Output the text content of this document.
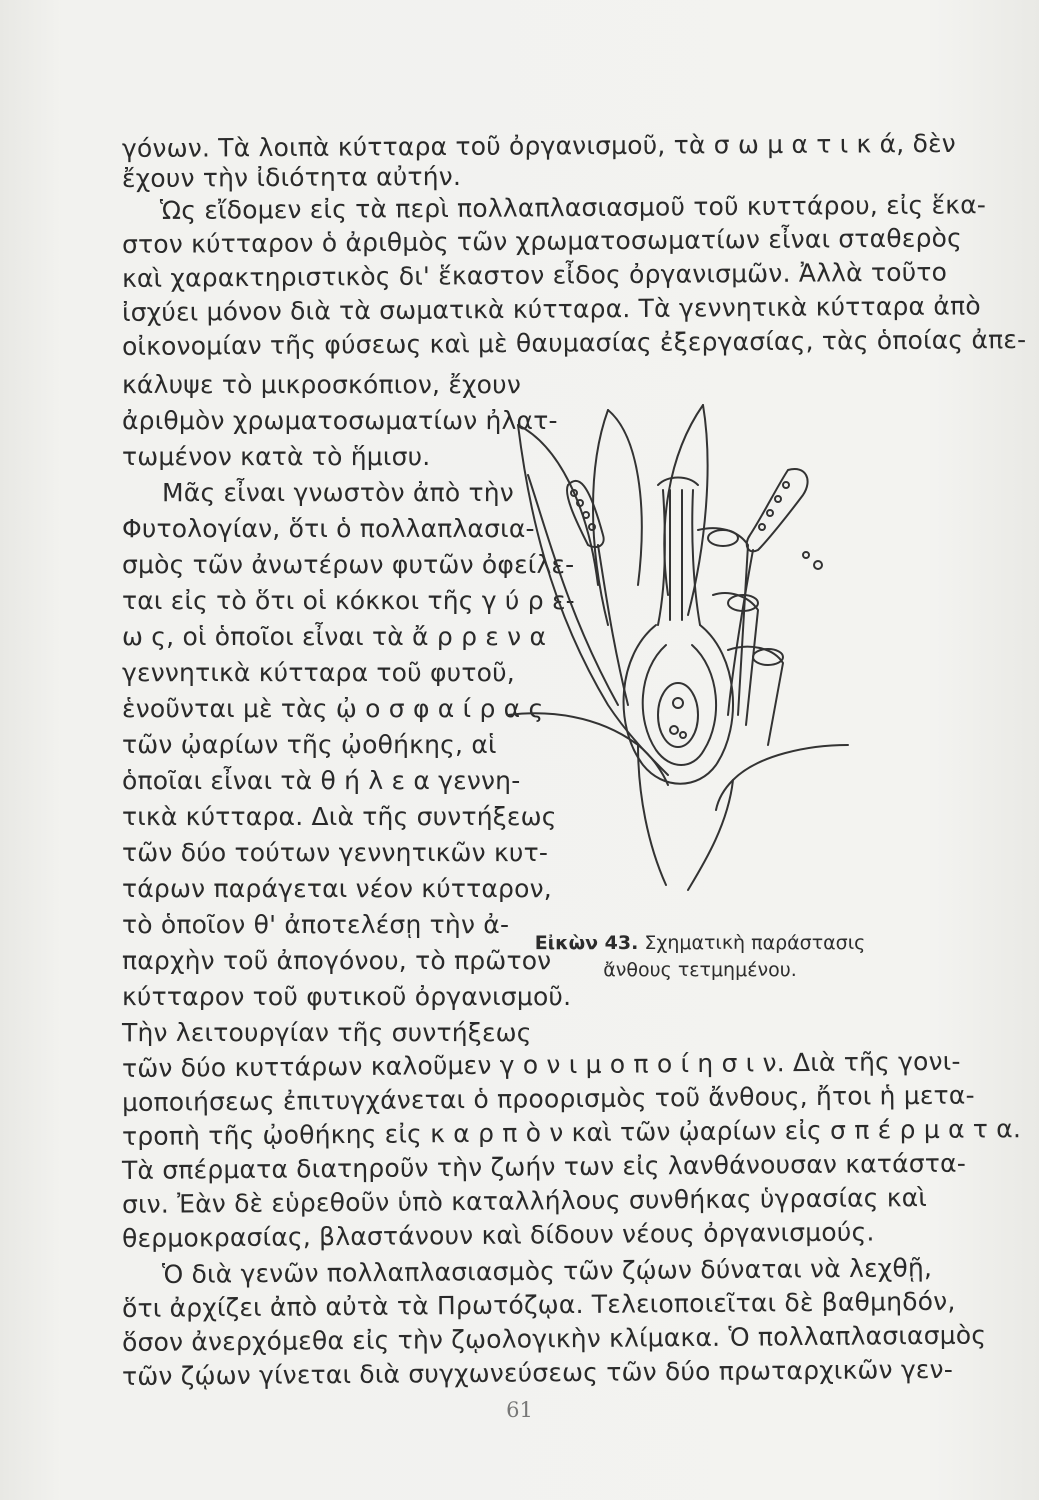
γόνων. Τὰ λοιπὰ κύτταρα τοῦ ὀργανισμοῦ, τὰ σ ω μ α τ ι κ ά, δὲν
ἔχουν τὴν ἰδιότητα αὐτήν.
Ὡς εἴδομεν εἰς τὰ περὶ πολλαπλασιασμοῦ τοῦ κυττάρου, εἰς ἕκα-
στον κύτταρον ὁ ἀριθμὸς τῶν χρωματοσωματίων εἶναι σταθερὸς
καὶ χαρακτηριστικὸς δι' ἕκαστον εἶδος ὀργανισμῶν. Ἀλλὰ τοῦτο
ἰσχύει μόνον διὰ τὰ σωματικὰ κύτταρα. Τὰ γεννητικὰ κύτταρα ἀπὸ
οἰκονομίαν τῆς φύσεως καὶ μὲ θαυμασίας ἐξεργασίας, τὰς ὁποίας ἀπε-
κάλυψε τὸ μικροσκόπιον, ἔχουν
ἀριθμὸν χρωματοσωματίων ἠλατ-
τωμένον κατὰ τὸ ἥμισυ.
Μᾶς εἶναι γνωστὸν ἀπὸ τὴν
Φυτολογίαν, ὅτι ὁ πολλαπλασια-
σμὸς τῶν ἀνωτέρων φυτῶν ὀφείλε-
ται εἰς τὸ ὅτι οἱ κόκκοι τῆς γ ύ ρ ε-
ω ς, οἱ ὁποῖοι εἶναι τὰ ἄ ρ ρ ε ν α
γεννητικὰ κύτταρα τοῦ φυτοῦ,
ἑνοῦνται μὲ τὰς ᾠ ο σ φ α ί ρ α ς
τῶν ᾠαρίων τῆς ᾠοθήκης, αἱ
ὁποῖαι εἶναι τὰ θ ή λ ε α γεννη-
τικὰ κύτταρα. Διὰ τῆς συντήξεως
τῶν δύο τούτων γεννητικῶν κυτ-
τάρων παράγεται νέον κύτταρον,
τὸ ὁποῖον θ' ἀποτελέσῃ τὴν ἀ-
παρχὴν τοῦ ἀπογόνου, τὸ πρῶτον
κύτταρον τοῦ φυτικοῦ ὀργανισμοῦ.
Τὴν λειτουργίαν τῆς συντήξεως
τῶν δύο κυττάρων καλοῦμεν γ ο ν ι μ ο π ο ί η σ ι ν. Διὰ τῆς γονι-
μοποιήσεως ἐπιτυγχάνεται ὁ προορισμὸς τοῦ ἄνθους, ἤτοι ἡ μετα-
τροπὴ τῆς ᾠοθήκης εἰς κ α ρ π ὸ ν καὶ τῶν ᾠαρίων εἰς σ π έ ρ μ α τ α.
Τὰ σπέρματα διατηροῦν τὴν ζωήν των εἰς λανθάνουσαν κατάστα-
σιν. Ἐὰν δὲ εὑρεθοῦν ὑπὸ καταλλήλους συνθήκας ὑγρασίας καὶ
θερμοκρασίας, βλαστάνουν καὶ δίδουν νέους ὀργανισμούς.
Ὁ διὰ γενῶν πολλαπλασιασμὸς τῶν ζῴων δύναται νὰ λεχθῇ,
ὅτι ἀρχίζει ἀπὸ αὐτὰ τὰ Πρωτόζῳα. Τελειοποιεῖται δὲ βαθμηδόν,
ὅσον ἀνερχόμεθα εἰς τὴν ζῳολογικὴν κλίμακα. Ὁ πολλαπλασιασμὸς
τῶν ζῴων γίνεται διὰ συγχωνεύσεως τῶν δύο πρωταρχικῶν γεν-
Εἰκὼν 43. Σχηματικὴ παράστασις
ἄνθους τετμημένου.
61
